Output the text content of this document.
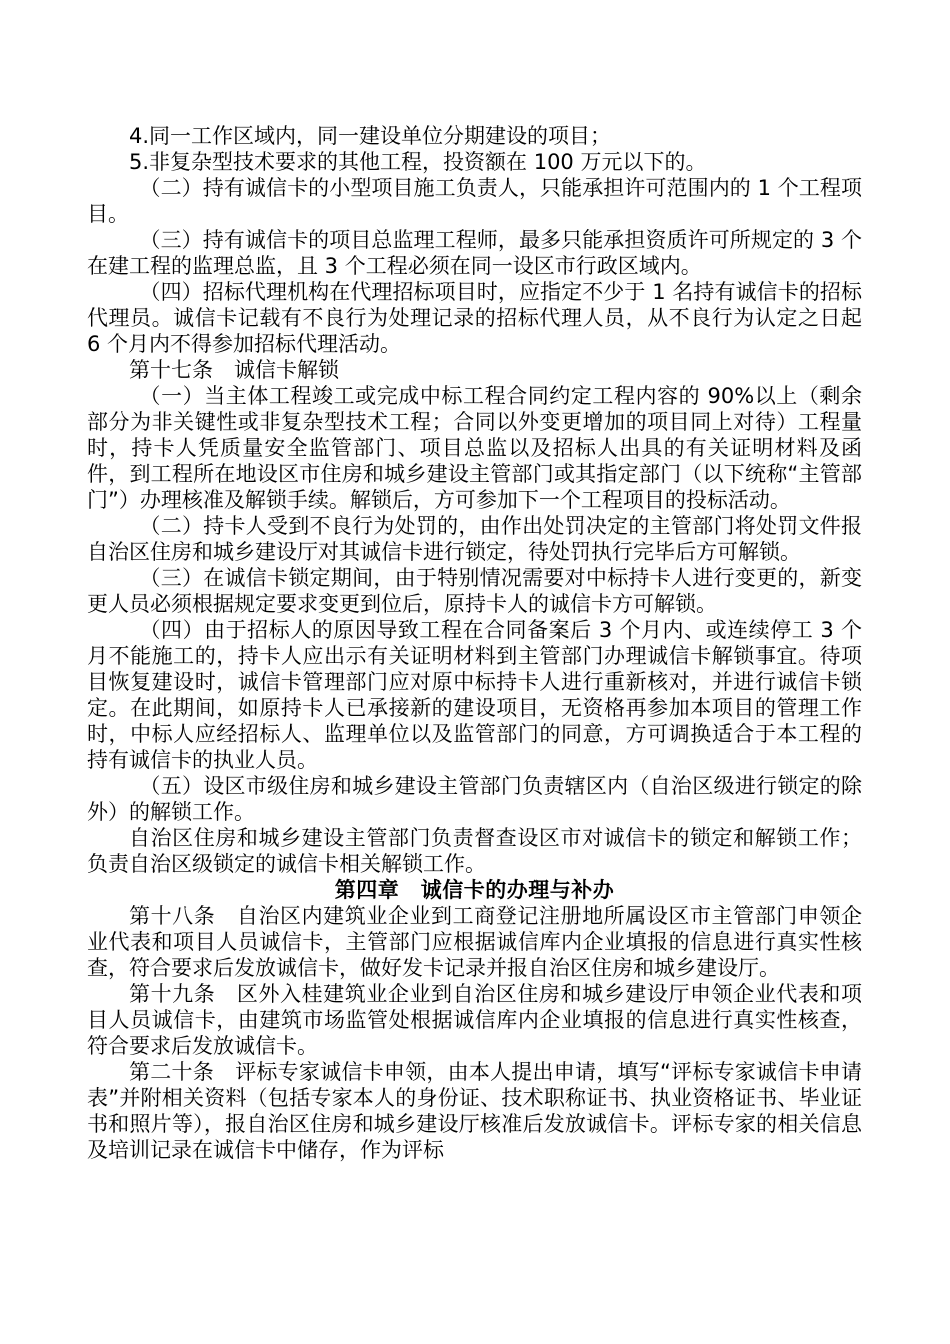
4.同一工作区域内，同一建设单位分期建设的项目；

5.非复杂型技术要求的其他工程，投资额在 100 万元以下的。

（二）持有诚信卡的小型项目施工负责人，只能承担许可范围内的 1 个工程项目。

（三）持有诚信卡的项目总监理工程师，最多只能承担资质许可所规定的 3 个在建工程的监理总监，且 3 个工程必须在同一设区市行政区域内。

（四）招标代理机构在代理招标项目时，应指定不少于 1 名持有诚信卡的招标代理员。诚信卡记载有不良行为处理记录的招标代理人员，从不良行为认定之日起 6 个月内不得参加招标代理活动。

第十七条　诚信卡解锁

（一）当主体工程竣工或完成中标工程合同约定工程内容的 90%以上（剩余部分为非关键性或非复杂型技术工程；合同以外变更增加的项目同上对待）工程量时，持卡人凭质量安全监管部门、项目总监以及招标人出具的有关证明材料及函件，到工程所在地设区市住房和城乡建设主管部门或其指定部门（以下统称“主管部门”）办理核准及解锁手续。解锁后，方可参加下一个工程项目的投标活动。

（二）持卡人受到不良行为处罚的，由作出处罚决定的主管部门将处罚文件报自治区住房和城乡建设厅对其诚信卡进行锁定，待处罚执行完毕后方可解锁。

（三）在诚信卡锁定期间，由于特别情况需要对中标持卡人进行变更的，新变更人员必须根据规定要求变更到位后，原持卡人的诚信卡方可解锁。

（四）由于招标人的原因导致工程在合同备案后 3 个月内、或连续停工 3 个月不能施工的，持卡人应出示有关证明材料到主管部门办理诚信卡解锁事宜。待项目恢复建设时，诚信卡管理部门应对原中标持卡人进行重新核对，并进行诚信卡锁定。在此期间，如原持卡人已承接新的建设项目，无资格再参加本项目的管理工作时，中标人应经招标人、监理单位以及监管部门的同意，方可调换适合于本工程的持有诚信卡的执业人员。

（五）设区市级住房和城乡建设主管部门负责辖区内（自治区级进行锁定的除外）的解锁工作。

自治区住房和城乡建设主管部门负责督查设区市对诚信卡的锁定和解锁工作；负责自治区级锁定的诚信卡相关解锁工作。

第四章　诚信卡的办理与补办

第十八条　自治区内建筑业企业到工商登记注册地所属设区市主管部门申领企业代表和项目人员诚信卡，主管部门应根据诚信库内企业填报的信息进行真实性核查，符合要求后发放诚信卡，做好发卡记录并报自治区住房和城乡建设厅。

第十九条　区外入桂建筑业企业到自治区住房和城乡建设厅申领企业代表和项目人员诚信卡，由建筑市场监管处根据诚信库内企业填报的信息进行真实性核查，符合要求后发放诚信卡。

第二十条　评标专家诚信卡申领，由本人提出申请，填写“评标专家诚信卡申请表”并附相关资料（包括专家本人的身份证、技术职称证书、执业资格证书、毕业证书和照片等），报自治区住房和城乡建设厅核准后发放诚信卡。评标专家的相关信息及培训记录在诚信卡中储存，作为评标
